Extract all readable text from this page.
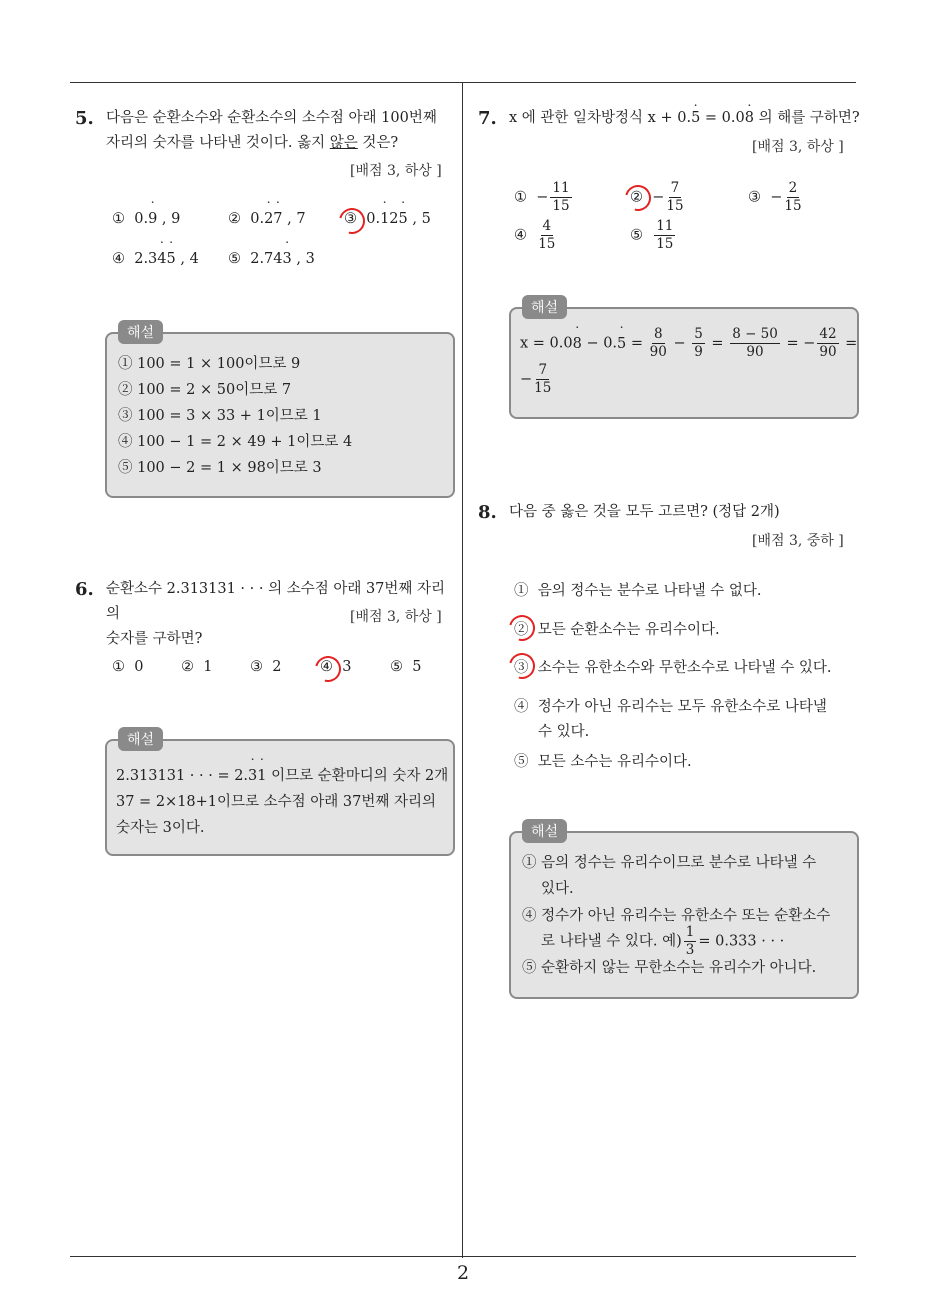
2
5. 다음은 순환소수와 순환소수의 소수점 아래 100번째
자리의 숫자를 나타낸 것이다. 옳지 않은 것은?
[배점 3, 하상 ]
① 0.9 ˙ , 9	② 0.2 ˙7 ˙ , 7	③ 0.1 ˙25 ˙ , 5
④ 2.34 ˙5 ˙ , 4 ⑤ 2.743 ˙ , 3
해설
① 100 = 1 × 100이므로 9
② 100 = 2 × 50이므로 7
③ 100 = 3 × 33 + 1이므로 1
④ 100 − 1 = 2 × 49 + 1이므로 4
⑤ 100 − 2 = 1 × 98이므로 3
6. 순환소수 2.313131 · · · 의 소수점 아래 37번째 자리의
숫자를 구하면?
[배점 3, 하상 ]
① 0	② 1	③ 2	④ 3	⑤ 5
해설
2.313131 · · · = 2.3 ˙1 ˙ 이므로 순환마디의 숫자 2개
37 = 2×18+1이므로 소수점 아래 37번째 자리의
숫자는 3이다.
7. x 에 관한 일차방정식 x + 0.5 ˙ = 0.08 ˙ 의 해를 구하면?
[배점 3, 하상 ]
① − $\frac{11}{15}$	② − $\frac{7}{15}$	③ − $\frac{2}{15}$
④ $\frac{4}{15}$	⑤ $\frac{11}{15}$
해설
x = 0.08 ˙ − 0.5 ˙ = $\frac{8}{90} - \frac{5}{9} = \frac{8 - 50}{90}$ = − $\frac{42}{90}$ =
− $\frac{7}{15}$
8. 다음 중 옳은 것을 모두 고르면? (정답 2개)
[배점 3, 중하 ]
① 음의 정수는 분수로 나타낼 수 없다.
② 모든 순환소수는 유리수이다.
③ 소수는 유한소수와 무한소수로 나타낼 수 있다.
④ 정수가 아닌 유리수는 모두 유한소수로 나타낼
수 있다.
⑤ 모든 소수는 유리수이다.
해설
① 음의 정수는 유리수이므로 분수로 나타낼 수
있다.
④ 정수가 아닌 유리수는 유한소수 또는 순환소수
로 나타낼 수 있다. 예) $\frac{1}{3} = 0.333$ · · ·
⑤ 순환하지 않는 무한소수는 유리수가 아니다.
